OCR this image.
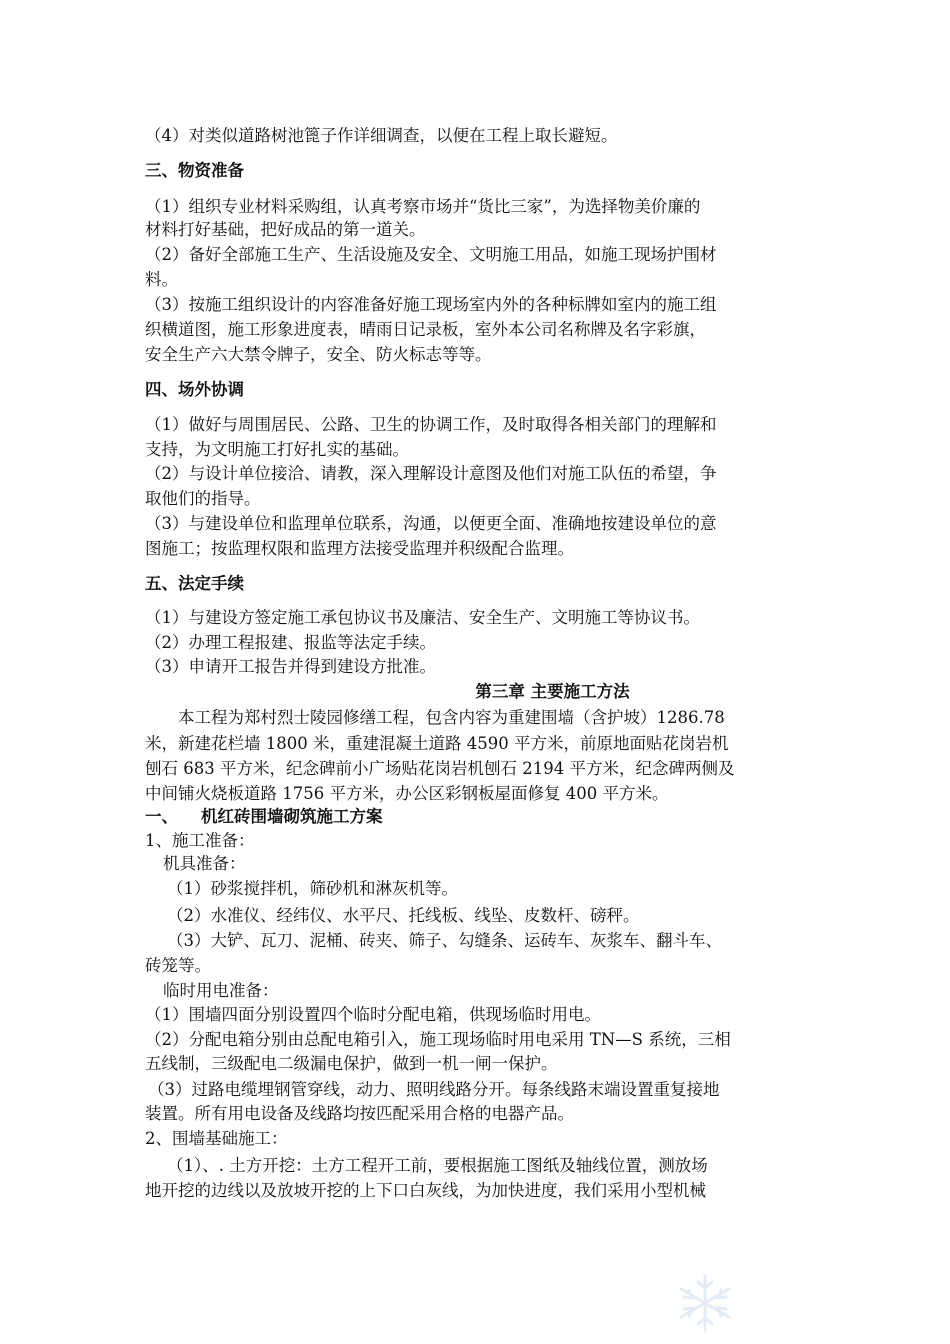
（4）对类似道路树池篦子作详细调查，以便在工程上取长避短。
三、物资准备
（1）组织专业材料采购组，认真考察市场并“货比三家”，为选择物美价廉的
材料打好基础，把好成品的第一道关。
（2）备好全部施工生产、生活设施及安全、文明施工用品，如施工现场护围材
料。
（3）按施工组织设计的内容准备好施工现场室内外的各种标牌如室内的施工组
织横道图，施工形象进度表，晴雨日记录板，室外本公司名称牌及名字彩旗，
安全生产六大禁令牌子，安全、防火标志等等。
四、场外协调
（1）做好与周围居民、公路、卫生的协调工作，及时取得各相关部门的理解和
支持，为文明施工打好扎实的基础。
（2）与设计单位接洽、请教，深入理解设计意图及他们对施工队伍的希望，争
取他们的指导。
（3）与建设单位和监理单位联系，沟通，以便更全面、准确地按建设单位的意
图施工；按监理权限和监理方法接受监理并积级配合监理。
五、法定手续
（1）与建设方签定施工承包协议书及廉洁、安全生产、文明施工等协议书。
（2）办理工程报建、报监等法定手续。
（3）申请开工报告并得到建设方批准。
第三章 主要施工方法
本工程为郑村烈士陵园修缮工程，包含内容为重建围墙（含护坡）1286.78
米，新建花栏墙 1800 米，重建混凝土道路 4590 平方米，前原地面贴花岗岩机
刨石 683 平方米，纪念碑前小广场贴花岗岩机刨石 2194 平方米，纪念碑两侧及
中间铺火烧板道路 1756 平方米，办公区彩钢板屋面修复 400 平方米。
一、    机红砖围墙砌筑施工方案
1、施工准备：
机具准备：
（1）砂浆搅拌机，筛砂机和淋灰机等。
（2）水准仪、经纬仪、水平尺、托线板、线坠、皮数杆、磅秤。
（3）大铲、瓦刀、泥桶、砖夹、筛子、勾缝条、运砖车、灰浆车、翻斗车、
砖笼等。
临时用电准备：
（1）围墙四面分别设置四个临时分配电箱，供现场临时用电。
（2）分配电箱分别由总配电箱引入，施工现场临时用电采用 TN—S 系统，三相
五线制，三级配电二级漏电保护，做到一机一闸一保护。
（3）过路电缆埋钢管穿线，动力、照明线路分开。每条线路末端设置重复接地
装置。所有用电设备及线路均按匹配采用合格的电器产品。
2、围墙基础施工：
（1）、. 土方开挖：土方工程开工前，要根据施工图纸及轴线位置，测放场
地开挖的边线以及放坡开挖的上下口白灰线，为加快进度，我们采用小型机械
